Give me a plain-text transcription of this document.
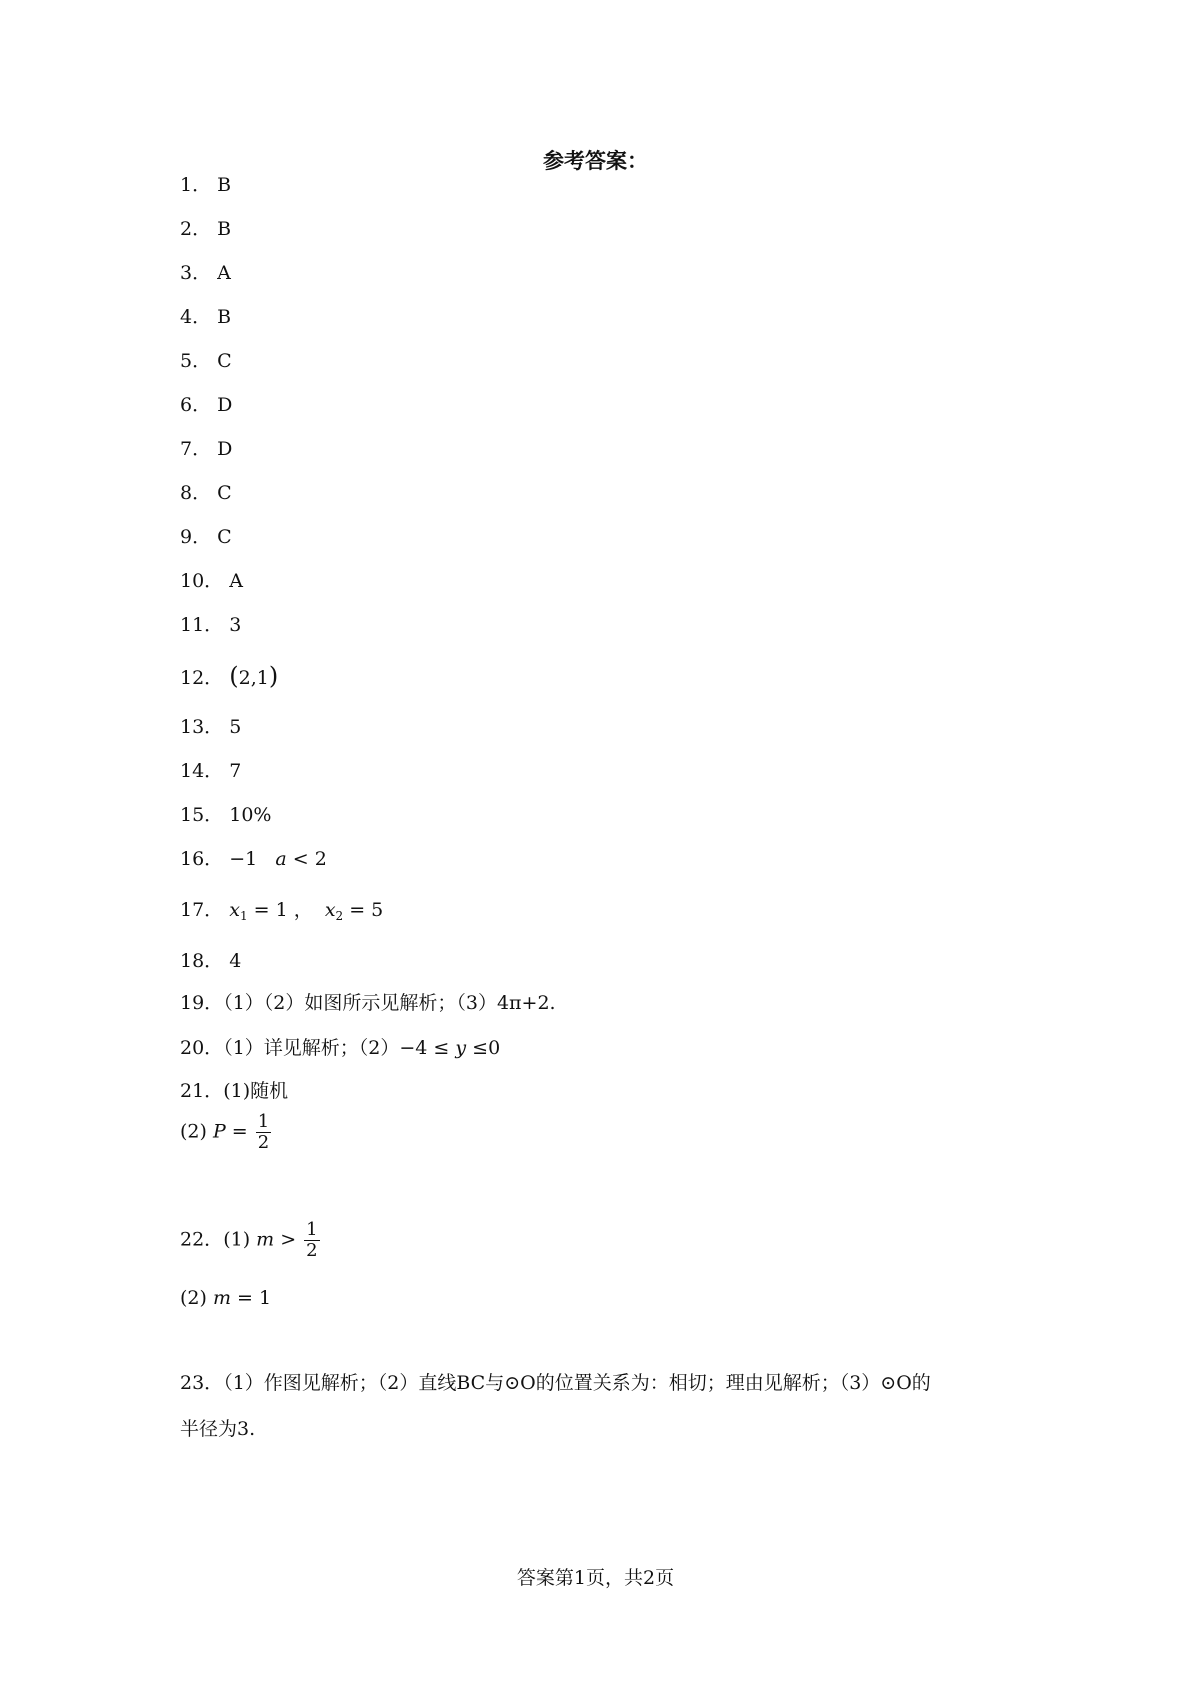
参考答案：
1． B
2． B
3． A
4． B
5． C
6． D
7． D
8． C
9． C
10． A
11． 3
12． (2,1)
13． 5
14． 7
15． 10%
16． −1 a < 2
17． $x_1 = 1$ ， $x_2 = 5$
18． 4
19．（1）（2）如图所示见解析；（3）4π+2.
20．（1）详见解析；（2）−4 ≤ y ≤0
21．(1)随机
(2) $P = \frac{1}{2}$
22．(1) $m > \frac{1}{2}$
(2) m = 1
23．（1）作图见解析；（2）直线BC与⊙O的位置关系为：相切；理由见解析；（3）⊙O的
半径为3.
答案第1页，共2页
